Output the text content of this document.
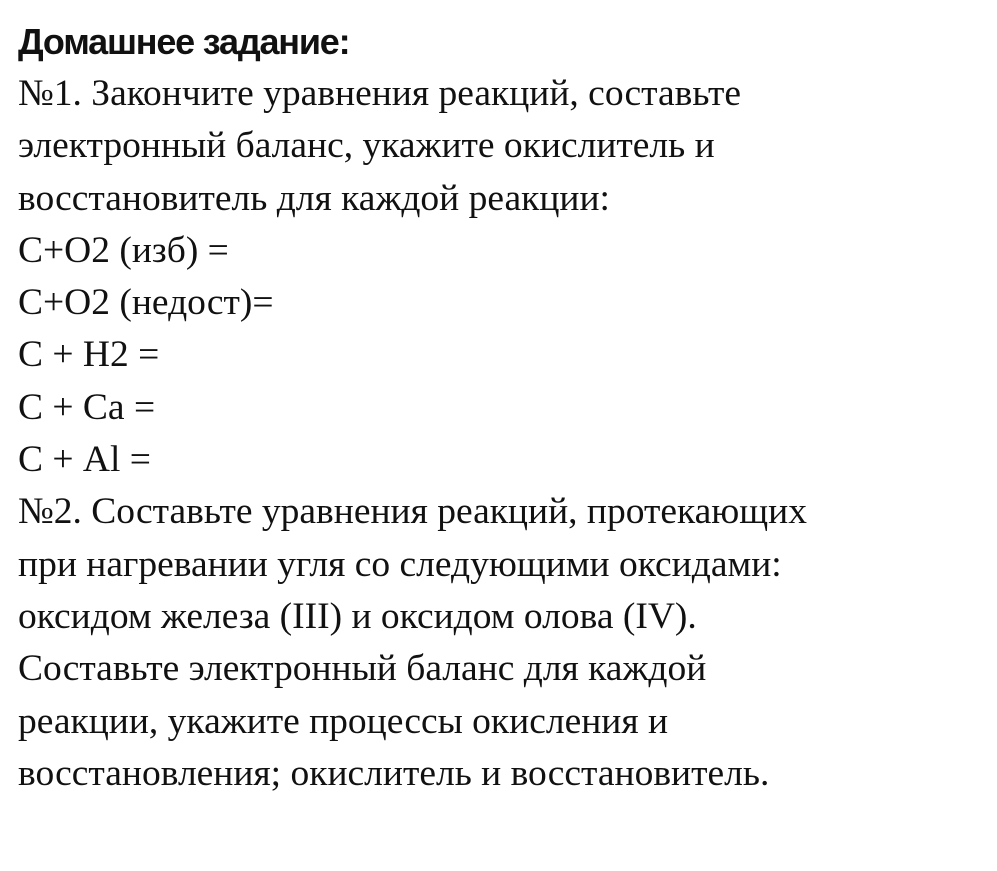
Домашнее задание:
№1. Закончите уравнения реакций, составьте
электронный баланс, укажите окислитель и
восстановитель для каждой реакции:
С+О2 (изб) =
С+О2 (недост)=
С + Н2 =
С + Са =
С + Al =
№2. Составьте уравнения реакций, протекающих
при нагревании угля со следующими оксидами:
оксидом железа (III) и оксидом олова (IV).
Составьте электронный баланс для каждой
реакции, укажите процессы окисления и
восстановления; окислитель и восстановитель.
